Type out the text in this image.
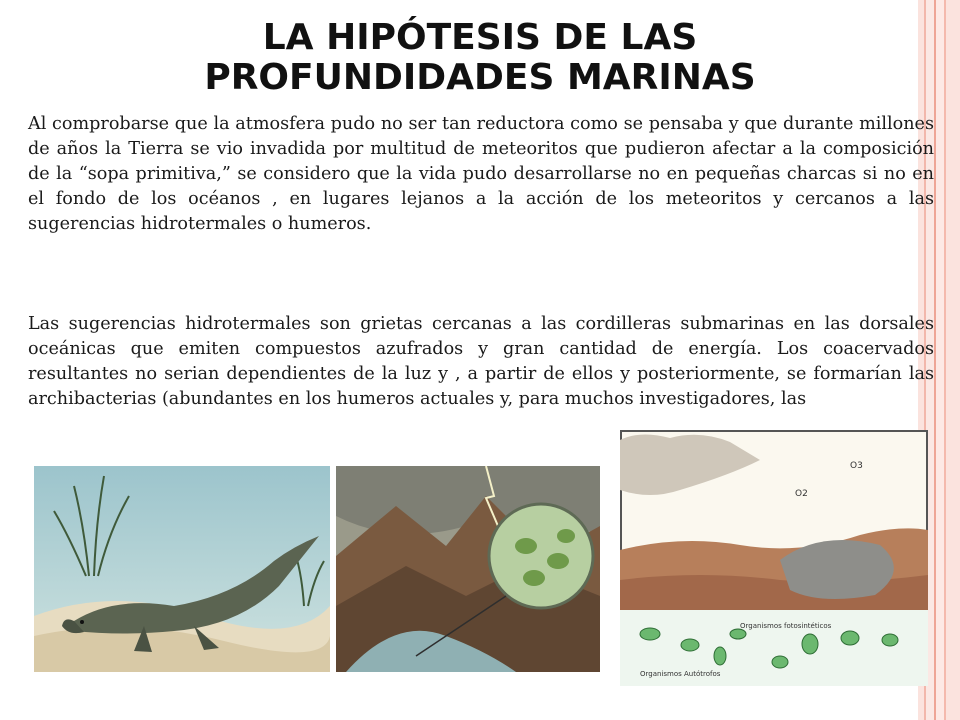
LA HIPÓTESIS DE LAS
PROFUNDIDADES MARINAS

Al comprobarse que la atmosfera pudo no ser tan reductora como se pensaba y que durante millones de años la Tierra se vio invadida por multitud de meteoritos que pudieron afectar a la composición de la “sopa primitiva,” se considero que la vida pudo desarrollarse no en pequeñas charcas si no en el fondo de los océanos , en lugares lejanos a la acción de los meteoritos y cercanos a las sugerencias hidrotermales o humeros.

Las sugerencias hidrotermales son grietas cercanas a las cordilleras submarinas en las dorsales oceánicas que emiten compuestos azufrados y gran cantidad de energía. Los coacervados resultantes no serian dependientes de la luz y , a partir de ellos y posteriormente, se formarían las archibacterias (abundantes en los humeros actuales y, para muchos investigadores, las

O3
O2
Organismos fotosintéticos
Organismos Autótrofos
